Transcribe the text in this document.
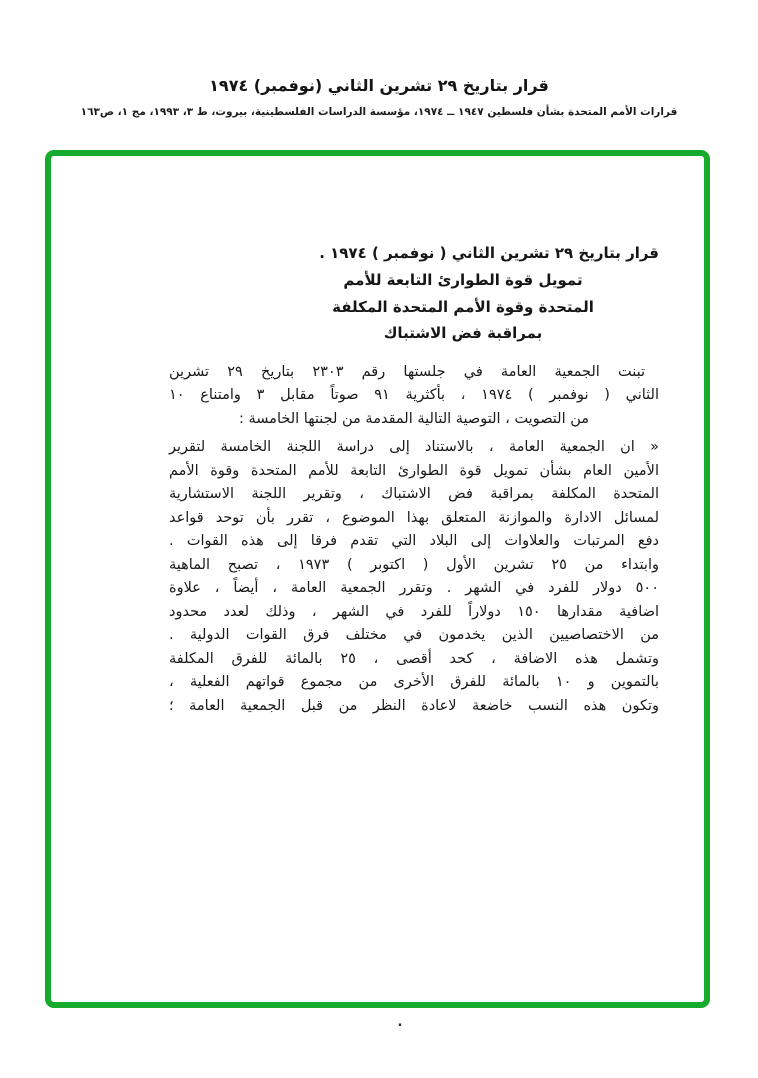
قرار بتاريخ ٢٩ تشرين الثاني (نوفمبر) ١٩٧٤
قرارات الأمم المتحدة بشأن فلسطين ١٩٤٧ ــ ١٩٧٤، مؤسسة الدراسات الفلسطينية، بيروت، ط ٣، ١٩٩٣، مج ١، ص١٦٣
قرار بتاريخ ٢٩ تشرين الثاني ( نوفمبر ) ١٩٧٤ .
تمويل قوة الطوارئ التابعة للأمم
المتحدة وقوة الأمم المتحدة المكلفة
بمراقبة فض الاشتباك
تبنت الجمعية العامة في جلستها رقم ٢٣٠٣ بتاريخ ٢٩ تشرين
الثاني ( نوفمبر ) ١٩٧٤ ، بأكثرية ٩١ صوتاً مقابل ٣ وامتناع ١٠
من التصويت ، التوصية التالية المقدمة من لجنتها الخامسة :
« ان الجمعية العامة ، بالاستناد إلى دراسة اللجنة الخامسة لتقرير
الأمين العام بشأن تمويل قوة الطوارئ التابعة للأمم المتحدة وقوة الأمم
المتحدة المكلفة بمراقبة فض الاشتباك ، وتقرير اللجنة الاستشارية
لمسائل الادارة والموازنة المتعلق بهذا الموضوع ، تقرر بأن توحد قواعد
دفع المرتبات والعلاوات إلى البلاد التي تقدم فرقا إلى هذه القوات .
وابتداء من ٢٥ تشرين الأول ( اكتوبر ) ١٩٧٣ ، تصبح الماهية
٥٠٠ دولار للفرد في الشهر . وتقرر الجمعية العامة ، أيضاً ، علاوة
اضافية مقدارها ١٥٠ دولاراً للفرد في الشهر ، وذلك لعدد محدود
من الاختصاصيين الذين يخدمون في مختلف فرق القوات الدولية .
وتشمل هذه الاضافة ، كحد أقصى ، ٢٥ بالمائة للفرق المكلفة
بالتموين و ١٠ بالمائة للفرق الأخرى من مجموع قواتهم الفعلية ،
وتكون هذه النسب خاضعة لاعادة النظر من قبل الجمعية العامة ؛
.
